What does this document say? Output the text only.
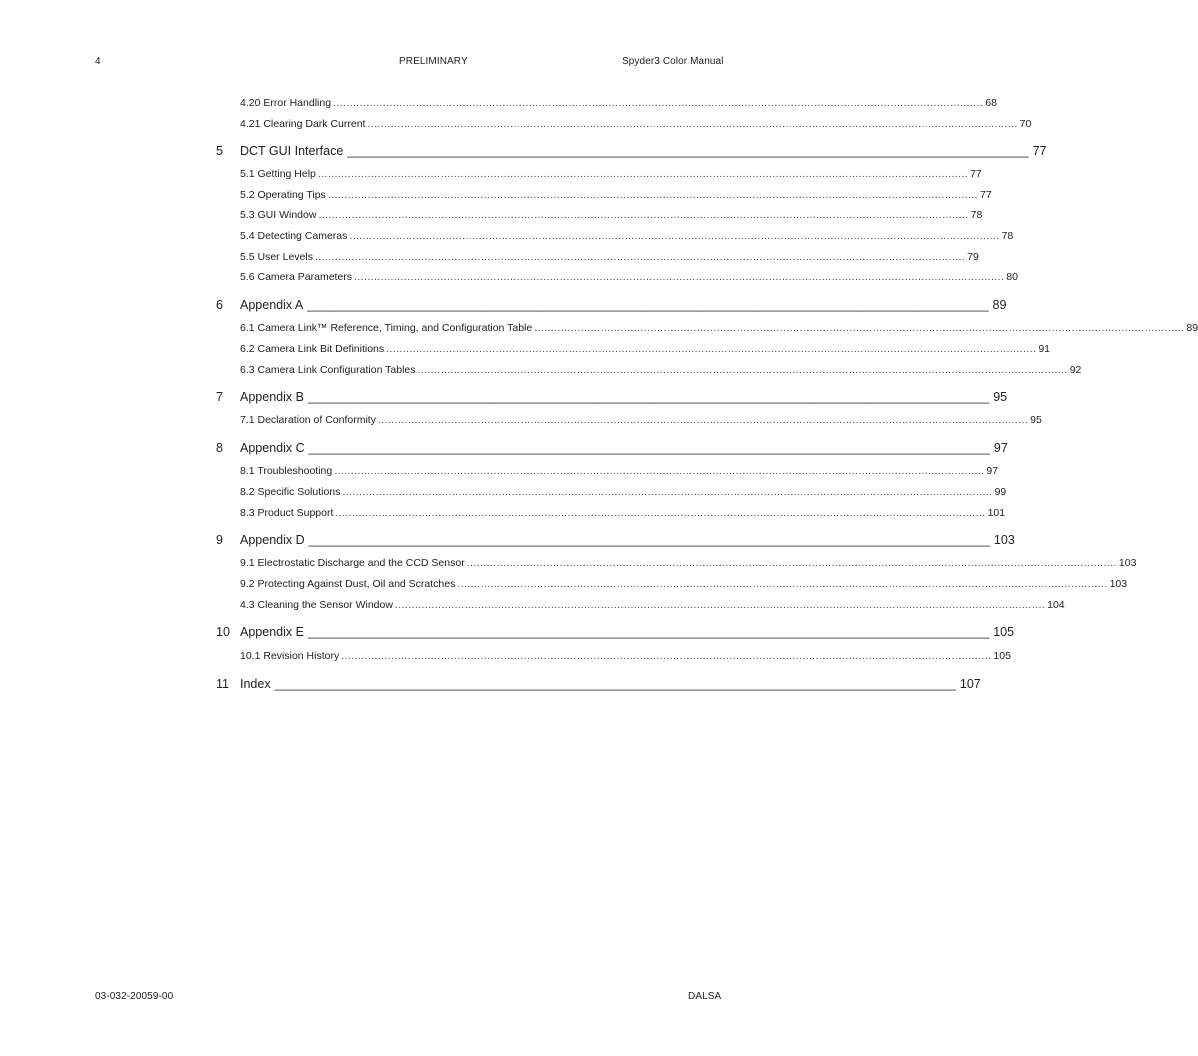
4	PRELIMINARY	Spyder3 Color Manual
4.20 Error Handling .................................................................................................................................................................................................... 68
4.21 Clearing Dark Current .................................................................................................................................................................................................... 70
5 DCT GUI Interface __________________________________________________________________________________________________ 77
5.1 Getting Help .................................................................................................................................................................................................... 77
5.2 Operating Tips .................................................................................................................................................................................................... 77
5.3 GUI Window .................................................................................................................................................................................................... 78
5.4 Detecting Cameras .................................................................................................................................................................................................... 78
5.5 User Levels .................................................................................................................................................................................................... 79
5.6 Camera Parameters .................................................................................................................................................................................................... 80
6 Appendix A __________________________________________________________________________________________________ 89
6.1 Camera Link™ Reference, Timing, and Configuration Table .................................................................................................................................................................................................... 89
6.2 Camera Link Bit Definitions .................................................................................................................................................................................................... 91
6.3 Camera Link Configuration Tables .................................................................................................................................................................................................... 92
7 Appendix B __________________________________________________________________________________________________ 95
7.1 Declaration of Conformity .................................................................................................................................................................................................... 95
8 Appendix C __________________________________________________________________________________________________ 97
8.1 Troubleshooting .................................................................................................................................................................................................... 97
8.2 Specific Solutions .................................................................................................................................................................................................... 99
8.3 Product Support .................................................................................................................................................................................................... 101
9 Appendix D __________________________________________________________________________________________________ 103
9.1 Electrostatic Discharge and the CCD Sensor .................................................................................................................................................................................................... 103
9.2 Protecting Against Dust, Oil and Scratches .................................................................................................................................................................................................... 103
4.3 Cleaning the Sensor Window .................................................................................................................................................................................................... 104
10 Appendix E __________________________________________________________________________________________________ 105
10.1 Revision History .................................................................................................................................................................................................... 105
11 Index __________________________________________________________________________________________________ 107
03-032-20059-00	DALSA
